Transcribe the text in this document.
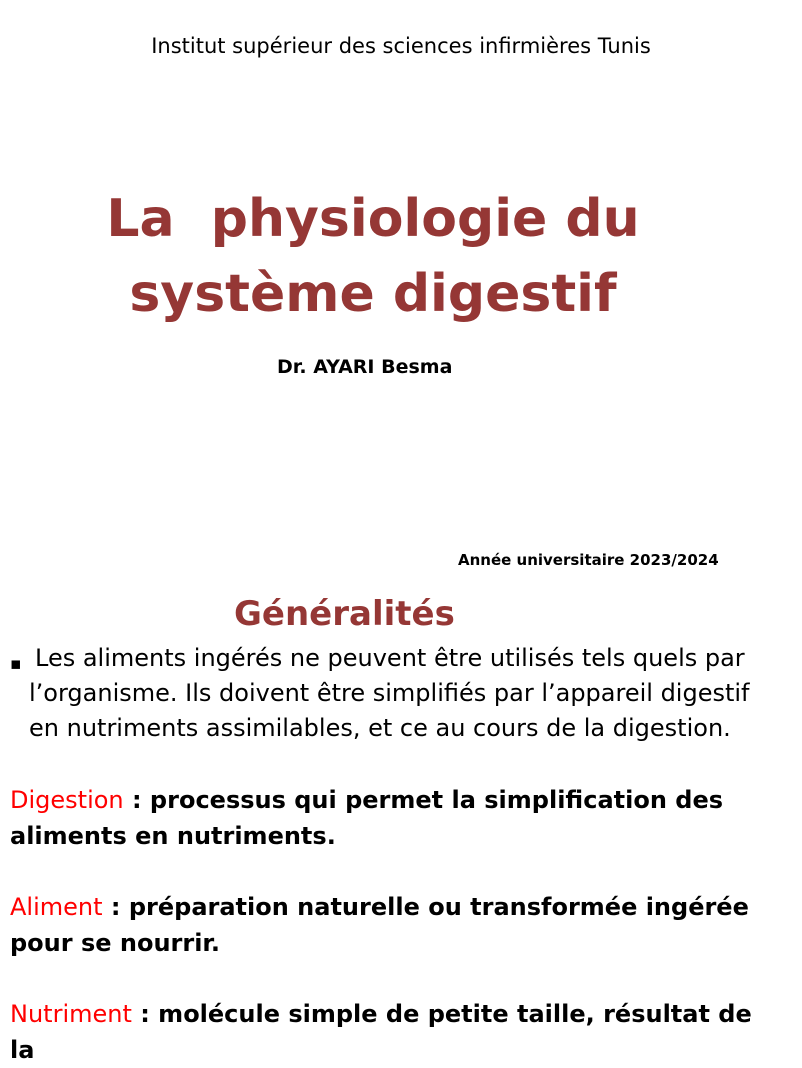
Institut supérieur des sciences infirmières Tunis
La  physiologie du
système digestif
Dr. AYARI Besma
Année universitaire 2023/2024
Généralités
▪ Les aliments ingérés ne peuvent être utilisés tels quels par l’organisme. Ils doivent être simplifiés par l’appareil digestif en nutriments assimilables, et ce au cours de la digestion.
Digestion : processus qui permet la simplification des aliments en nutriments.
Aliment : préparation naturelle ou transformée ingérée pour se nourrir.
Nutriment : molécule simple de petite taille, résultat de la
